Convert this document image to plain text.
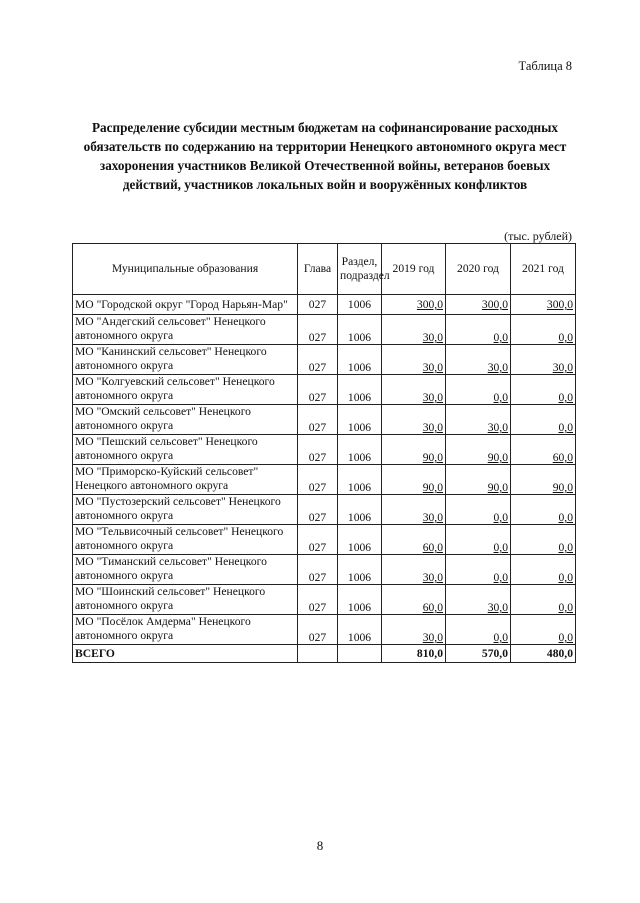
Таблица 8
Распределение субсидии местным бюджетам на софинансирование расходных обязательств по содержанию на территории Ненецкого автономного округа мест захоронения участников Великой Отечественной войны, ветеранов боевых действий, участников локальных войн и вооружённых конфликтов
(тыс. рублей)
Муниципальные образования	Глава	Раздел, подраздел	2019 год	2020 год	2021 год
МО "Городской округ "Город Нарьян-Мар"	027	1006	300,0	300,0	300,0
МО "Андегский сельсовет" Ненецкого автономного округа	027	1006	30,0	0,0	0,0
МО "Канинский сельсовет" Ненецкого автономного округа	027	1006	30,0	30,0	30,0
МО "Колгуевский сельсовет" Ненецкого автономного округа	027	1006	30,0	0,0	0,0
МО "Омский сельсовет" Ненецкого автономного округа	027	1006	30,0	30,0	0,0
МО "Пешский сельсовет" Ненецкого автономного округа	027	1006	90,0	90,0	60,0
МО "Приморско-Куйский сельсовет" Ненецкого автономного округа	027	1006	90,0	90,0	90,0
МО "Пустозерский сельсовет" Ненецкого автономного округа	027	1006	30,0	0,0	0,0
МО "Тельвисочный сельсовет" Ненецкого автономного округа	027	1006	60,0	0,0	0,0
МО "Тиманский сельсовет" Ненецкого автономного округа	027	1006	30,0	0,0	0,0
МО "Шоинский сельсовет" Ненецкого автономного округа	027	1006	60,0	30,0	0,0
МО "Посёлок Амдерма" Ненецкого автономного округа	027	1006	30,0	0,0	0,0
ВСЕГО			810,0	570,0	480,0
8
